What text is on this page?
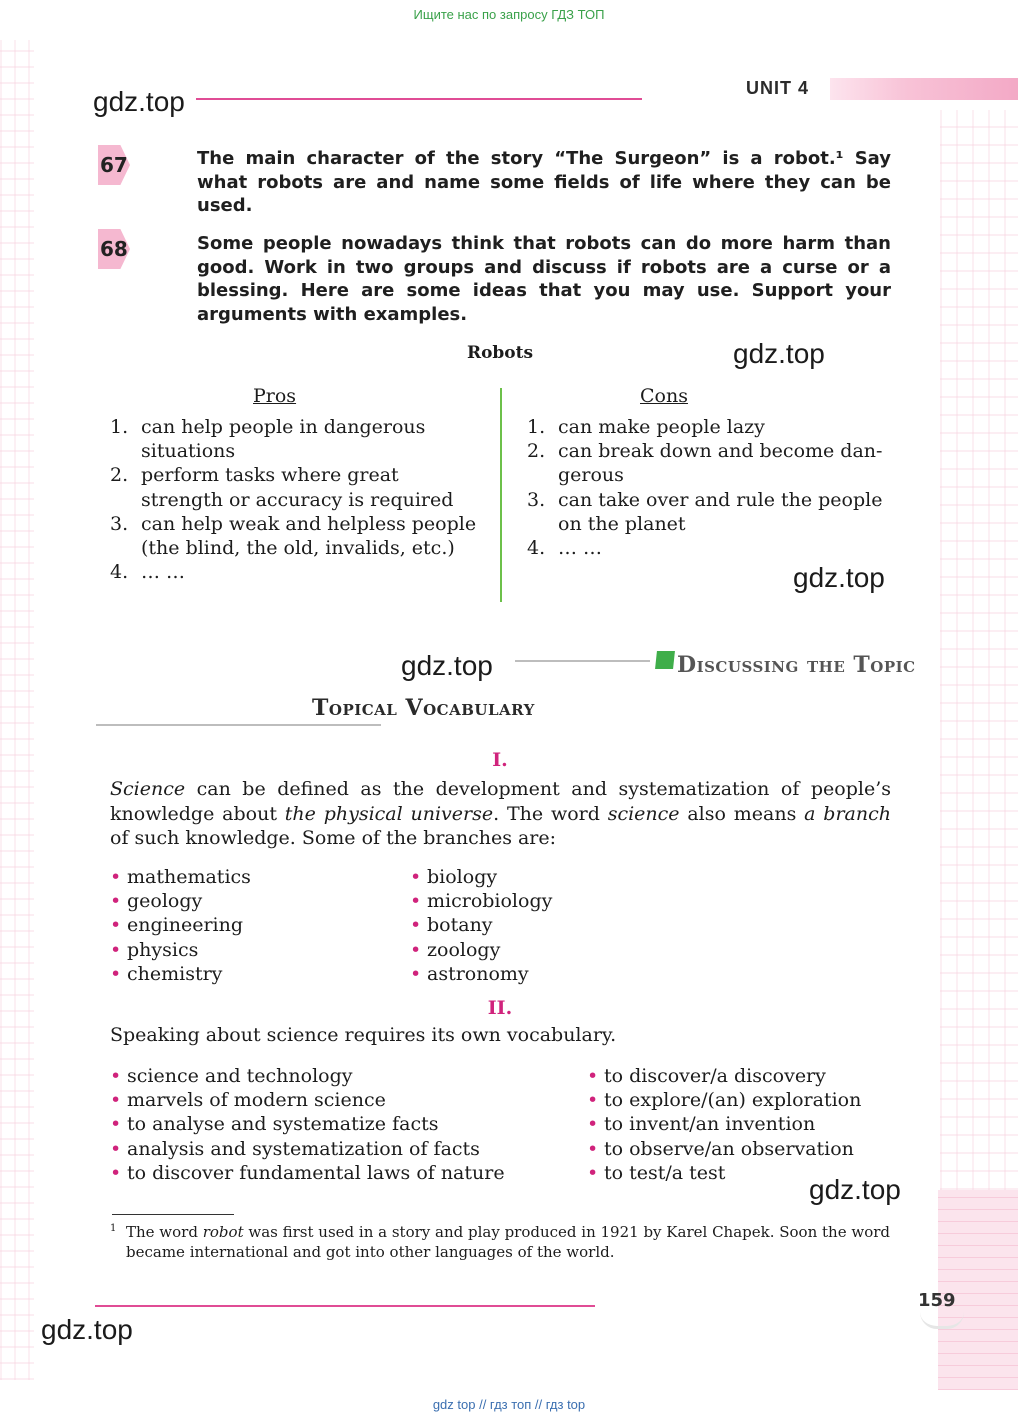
Ищите нас по запросу ГДЗ ТОП
UNIT 4
gdz.top
67	The main character of the story “The Surgeon” is a robot.¹ Say what robots are and name some fields of life where they can be used.
68	Some people nowadays think that robots can do more harm than good. Work in two groups and discuss if robots are a curse or a blessing. Here are some ideas that you may use. Support your arguments with examples.
Robots	gdz.top
Pros	Cons
1. can help people in dangerous situations
2. perform tasks where great strength or accuracy is required
3. can help weak and helpless people (the blind, the old, invalids, etc.)
4. … …
1. can make people lazy
2. can break down and become dangerous
3. can take over and rule the people on the planet
4. … …
gdz.top
gdz.top	Discussing the Topic
Topical Vocabulary
I.
Science can be defined as the development and systematization of people’s knowledge about the physical universe. The word science also means a branch of such knowledge. Some of the branches are:
• mathematics
• geology
• engineering
• physics
• chemistry
• biology
• microbiology
• botany
• zoology
• astronomy
II.
Speaking about science requires its own vocabulary.
• science and technology
• marvels of modern science
• to analyse and systematize facts
• analysis and systematization of facts
• to discover fundamental laws of nature
• to discover/a discovery
• to explore/(an) exploration
• to invent/an invention
• to observe/an observation
• to test/a test
gdz.top
1 The word robot was first used in a story and play produced in 1921 by Karel Chapek. Soon the word became international and got into other languages of the world.
159
gdz.top
gdz top // гдз топ // гдз top
